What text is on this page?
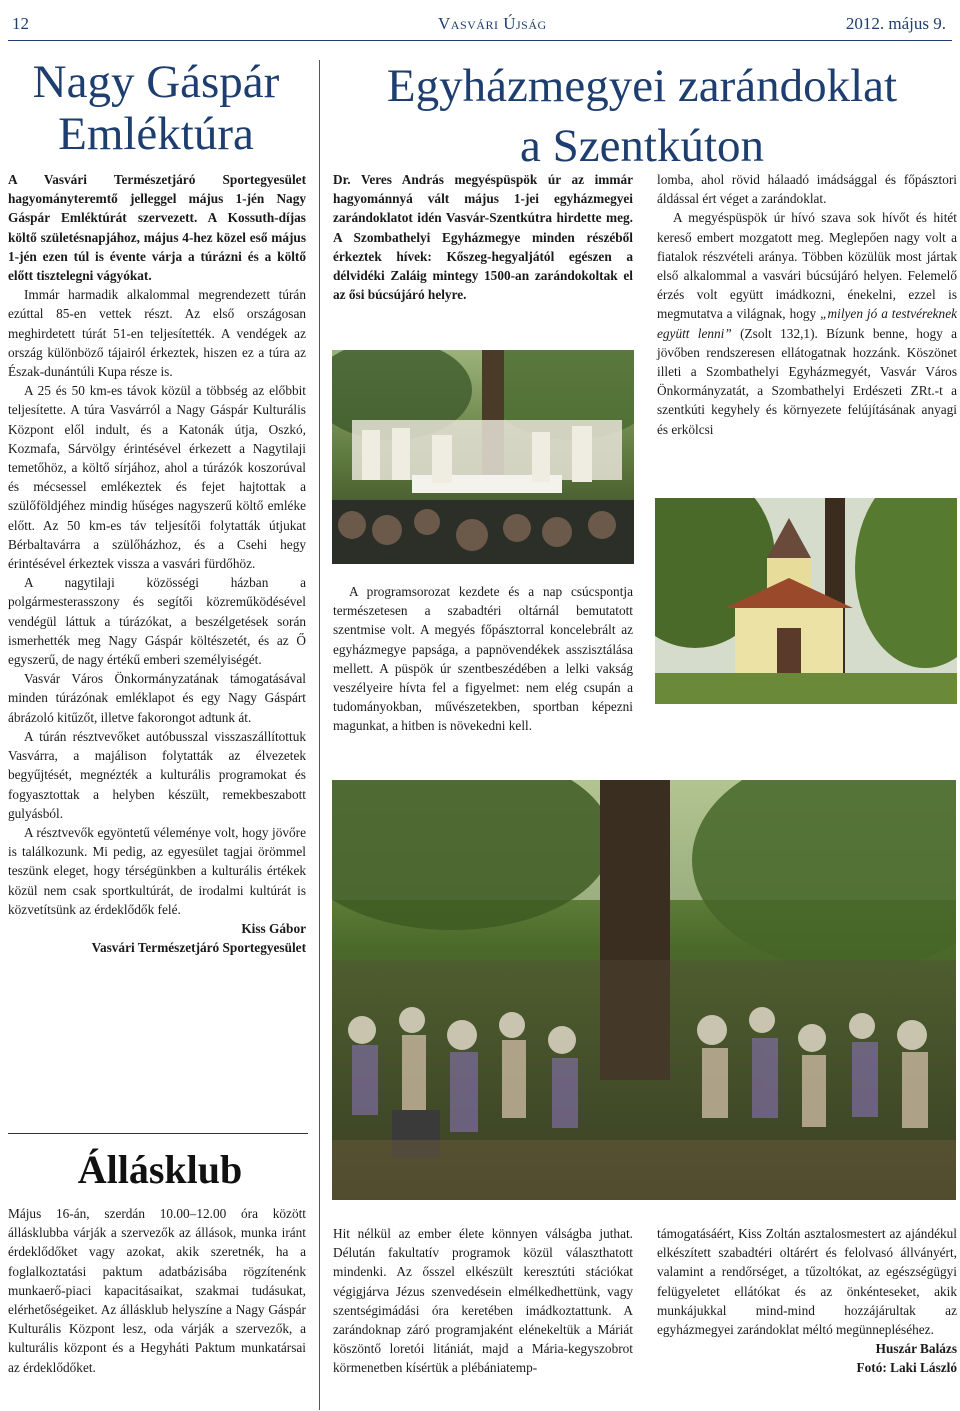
12	Vasvári Újság	2012. május 9.
Nagy Gáspár
Emléktúra

A Vasvári Természetjáró Sportegyesület hagyományteremtő jelleggel május 1-jén Nagy Gáspár Emléktúrát szervezett. A Kossuth-díjas költő születésnapjához, május 4-hez közel eső május 1-jén ezen túl is évente várja a túrázni és a költő előtt tisztelegni vágyókat.

Immár harmadik alkalommal megrendezett túrán ezúttal 85-en vettek részt. Az első országosan meghirdetett túrát 51-en teljesítették. A vendégek az ország különböző tájairól érkeztek, hiszen ez a túra az Észak-dunántúli Kupa része is.

A 25 és 50 km-es távok közül a többség az előbbit teljesítette. A túra Vasvárról a Nagy Gáspár Kulturális Központ elől indult, és a Katonák útja, Oszkó, Kozmafa, Sárvölgy érintésével érkezett a Nagytilaji temetőhöz, a költő sírjához, ahol a túrázók koszorúval és mécsessel emlékeztek és fejet hajtottak a szülőföldjéhez mindig hűséges nagyszerű költő emléke előtt. Az 50 km-es táv teljesítői folytatták útjukat Bérbaltavárra a szülőházhoz, és a Csehi hegy érintésével érkeztek vissza a vasvári fürdőhöz.

A nagytilaji közösségi házban a polgármesterasszony és segítői közreműködésével vendégül láttuk a túrázókat, a beszélgetések során ismerhették meg Nagy Gáspár költészetét, és az Ő egyszerű, de nagy értékű emberi személyiségét.

Vasvár Város Önkormányzatának támogatásával minden túrázónak emléklapot és egy Nagy Gáspárt ábrázoló kitűzőt, illetve fakorongot adtunk át.

A túrán résztvevőket autóbusszal visszaszállítottuk Vasvárra, a majálison folytatták az élvezetek begyűjtését, megnézték a kulturális programokat és fogyasztottak a helyben készült, remekbeszabott gulyásból.

A résztvevők egyöntetű véleménye volt, hogy jövőre is találkozunk. Mi pedig, az egyesület tagjai örömmel teszünk eleget, hogy térségünkben a kulturális értékek közül nem csak sportkultúrát, de irodalmi kultúrát is közvetítsünk az érdeklődők felé.

Kiss Gábor
Vasvári Természetjáró Sportegyesület
Állásklub

Május 16-án, szerdán 10.00–12.00 óra között állásklubba várják a szervezők az állások, munka iránt érdeklődőket vagy azokat, akik szeretnék, ha a foglalkoztatási paktum adatbázisába rögzítenénk munkaerő-piaci kapacitásaikat, szakmai tudásukat, elérhetőségeiket. Az állásklub helyszíne a Nagy Gáspár Kulturális Központ lesz, oda várják a szervezők, a kulturális központ és a Hegyháti Paktum munkatársai az érdeklődőket.

Egyházmegyei zarándoklat
a Szentkúton

Dr. Veres András megyéspüspök úr az immár hagyománnyá vált május 1-jei egyházmegyei zarándoklatot idén Vasvár-Szentkútra hirdette meg. A Szombathelyi Egyházmegye minden részéből érkeztek hívek: Kőszeg-hegyaljától egészen a délvidéki Zaláig mintegy 1500-an zarándokoltak el az ősi búcsújáró helyre.

lomba, ahol rövid hálaadó imádsággal és főpásztori áldással ért véget a zarándoklat.

A megyéspüspök úr hívó szava sok hívőt és hitét kereső embert mozgatott meg. Meglepően nagy volt a fiatalok részvételi aránya. Többen közülük most jártak első alkalommal a vasvári búcsújáró helyen. Felemelő érzés volt együtt imádkozni, énekelni, ezzel is megmutatva a világnak, hogy „milyen jó a testvéreknek együtt lenni” (Zsolt 132,1). Bízunk benne, hogy a jövőben rendszeresen ellátogatnak hozzánk. Köszönet illeti a Szombathelyi Egyházmegyét, Vasvár Város Önkormányzatát, a Szombathelyi Erdészeti ZRt.-t a szentkúti kegyhely és környezete felújításának anyagi és erkölcsi

A programsorozat kezdete és a nap csúcspontja természetesen a szabadtéri oltárnál bemutatott szentmise volt. A megyés főpásztorral koncelebrált az egyházmegye papsága, a papnövendékek asszisztálása mellett. A püspök úr szentbeszédében a lelki vakság veszélyeire hívta fel a figyelmet: nem elég csupán a tudományokban, művészetekben, sportban képezni magunkat, a hitben is növekedni kell.

Hit nélkül az ember élete könnyen válságba juthat. Délután fakultatív programok közül választhatott mindenki. Az ősszel elkészült keresztúti stációkat végigjárva Jézus szenvedésein elmélkedhettünk, vagy szentségimádási óra keretében imádkoztattunk. A zarándoknap záró programjaként elénekeltük a Máriát köszöntő loretói litániát, majd a Mária-kegyszobrot körmenetben kísértük a plébániatemp-

támogatásáért, Kiss Zoltán asztalosmestert az ajándékul elkészített szabadtéri oltárért és felolvasó állványért, valamint a rendőrséget, a tűzoltókat, az egészségügyi felügyeletet ellátókat és az önkénteseket, akik munkájukkal mind-mind hozzájárultak az egyházmegyei zarándoklat méltó megünnepléséhez.

Huszár Balázs
Fotó: Laki László
